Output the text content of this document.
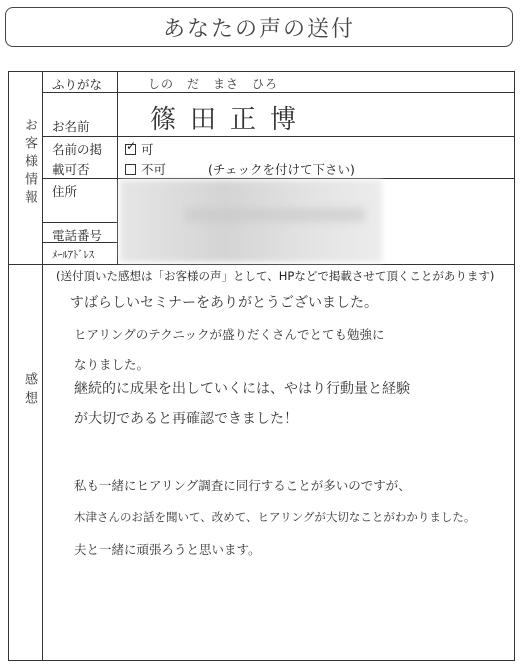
あなたの声の送付
お客様情報
感想
ふりがな
お名前
名前の掲
載可否
住所
電話番号
ﾒｰﾙｱﾄﾞﾚｽ
しの　だ　まさ　ひろ
篠田正博
✓ 可
不可	(チェックを付けて下さい)
(送付頂いた感想は「お客様の声」として、HPなどで掲載させて頂くことがあります)
すばらしいセミナーをありがとうございました。
ヒアリングのテクニックが盛りだくさんでとても勉強に
なりました。
継続的に成果を出していくには、やはり行動量と経験
が大切であると再確認できました！
私も一緒にヒアリング調査に同行することが多いのですが、
木津さんのお話を聞いて、改めて、ヒアリングが大切なことがわかりました。
夫と一緒に頑張ろうと思います。
